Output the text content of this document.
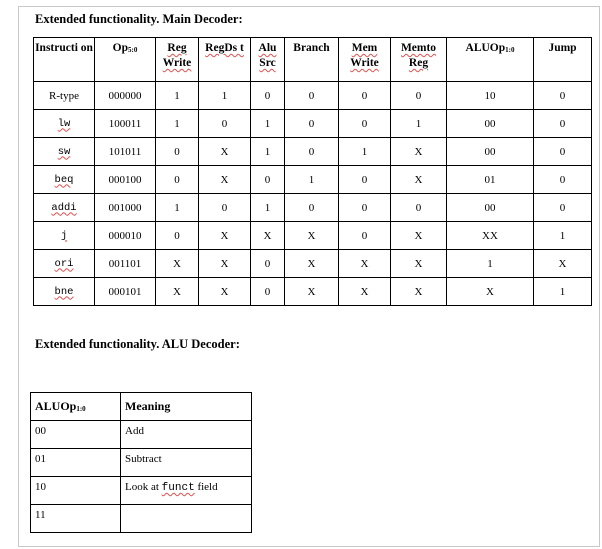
Extended functionality. Main Decoder:
Instructi on	$Op_{5:0}$	Reg Write	RegDs t	Alu Src	Branch	Mem Write	Memto Reg	ALUOp$_{1:0}$	Jump
R-type	000000	1	1	0	0	0	0	10	0
lw	100011	1	0	1	0	0	1	00	0
sw	101011	0	X	1	0	1	X	00	0
beq	000100	0	X	0	1	0	X	01	0
addi	001000	1	0	1	0	0	0	00	0
j	000010	0	X	X	X	0	X	XX	1
ori	001101	X	X	0	X	X	X	1	X
bne	000101	X	X	0	X	X	X	X	1
Extended functionality. ALU Decoder:
ALUOp$_{1:0}$	Meaning
00	Add
01	Subtract
10	Look at funct field
11	
